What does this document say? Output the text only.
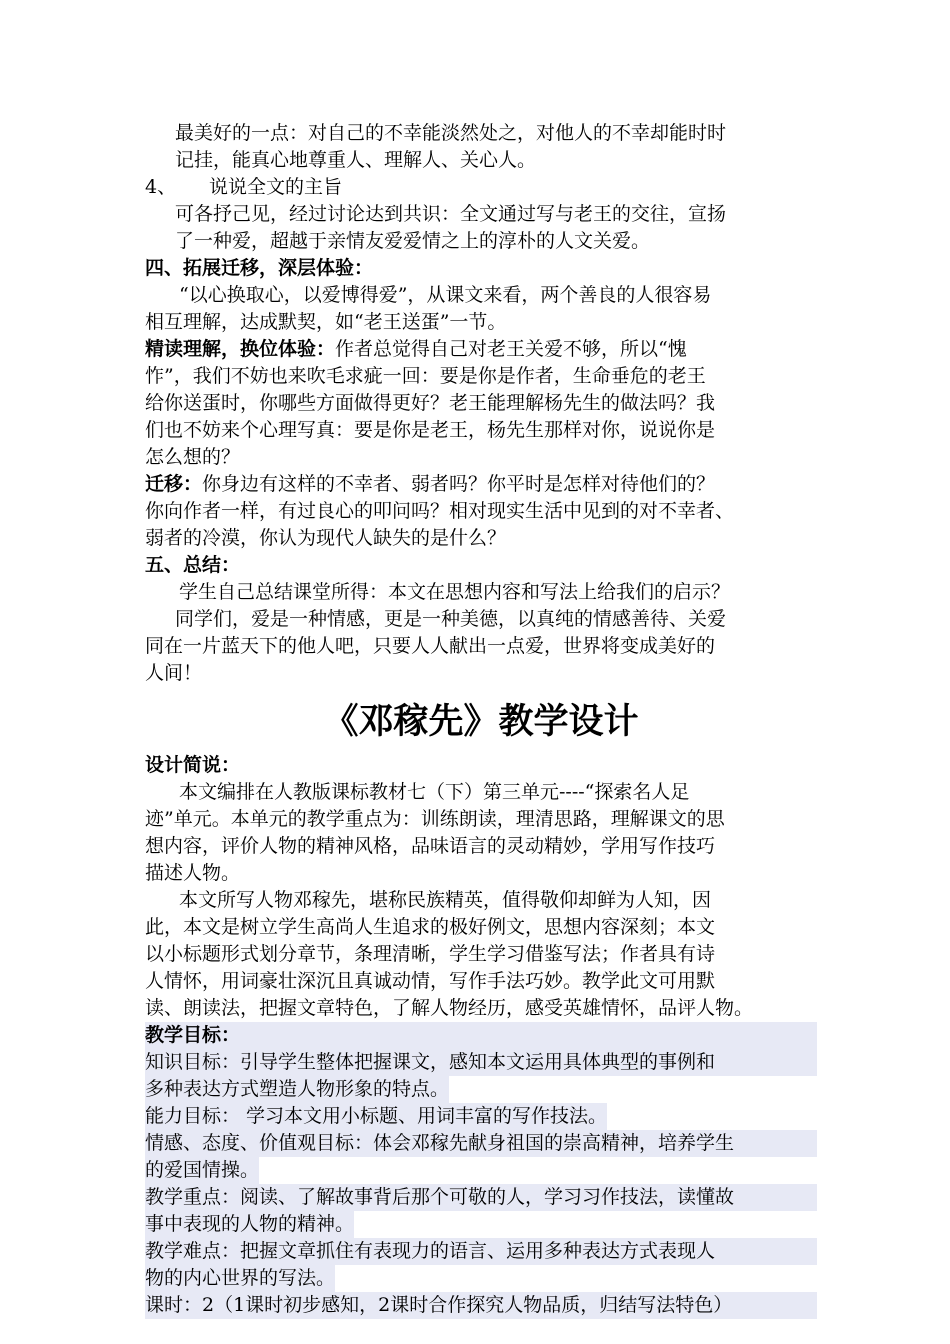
最美好的一点：对自己的不幸能淡然处之，对他人的不幸却能时时

记挂，能真心地尊重人、理解人、关心人。

4、 说说全文的主旨

可各抒己见，经过讨论达到共识：全文通过写与老王的交往，宣扬

了一种爱，超越于亲情友爱爱情之上的淳朴的人文关爱。

四、拓展迁移，深层体验：

“以心换取心，以爱博得爱”，从课文来看，两个善良的人很容易

相互理解，达成默契，如“老王送蛋”一节。

精读理解，换位体验：作者总觉得自己对老王关爱不够，所以“愧

怍”，我们不妨也来吹毛求疵一回：要是你是作者，生命垂危的老王

给你送蛋时，你哪些方面做得更好？老王能理解杨先生的做法吗？我

们也不妨来个心理写真：要是你是老王，杨先生那样对你，说说你是

怎么想的？

迁移：你身边有这样的不幸者、弱者吗？你平时是怎样对待他们的？

你向作者一样，有过良心的叩问吗？相对现实生活中见到的对不幸者、

弱者的冷漠，你认为现代人缺失的是什么？

五、总结：

学生自己总结课堂所得：本文在思想内容和写法上给我们的启示？

同学们，爱是一种情感，更是一种美德，以真纯的情感善待、关爱

同在一片蓝天下的他人吧，只要人人献出一点爱，世界将变成美好的

人间！

《邓稼先》教学设计

设计简说：

本文编排在人教版课标教材七（下）第三单元----“探索名人足

迹”单元。本单元的教学重点为：训练朗读，理清思路，理解课文的思

想内容，评价人物的精神风格，品味语言的灵动精妙，学用写作技巧

描述人物。

本文所写人物邓稼先，堪称民族精英，值得敬仰却鲜为人知，因

此，本文是树立学生高尚人生追求的极好例文，思想内容深刻；本文

以小标题形式划分章节，条理清晰，学生学习借鉴写法；作者具有诗

人情怀，用词豪壮深沉且真诚动情，写作手法巧妙。教学此文可用默

读、朗读法，把握文章特色，了解人物经历，感受英雄情怀，品评人物。

教学目标：

知识目标：引导学生整体把握课文，感知本文运用具体典型的事例和

多种表达方式塑造人物形象的特点。

能力目标： 学习本文用小标题、用词丰富的写作技法。

情感、态度、价值观目标：体会邓稼先献身祖国的崇高精神，培养学生

的爱国情操。

教学重点：阅读、了解故事背后那个可敬的人，学习习作技法，读懂故

事中表现的人物的精神。

教学难点：把握文章抓住有表现力的语言、运用多种表达方式表现人

物的内心世界的写法。

课时：2（1课时初步感知，2课时合作探究人物品质，归结写法特色）
